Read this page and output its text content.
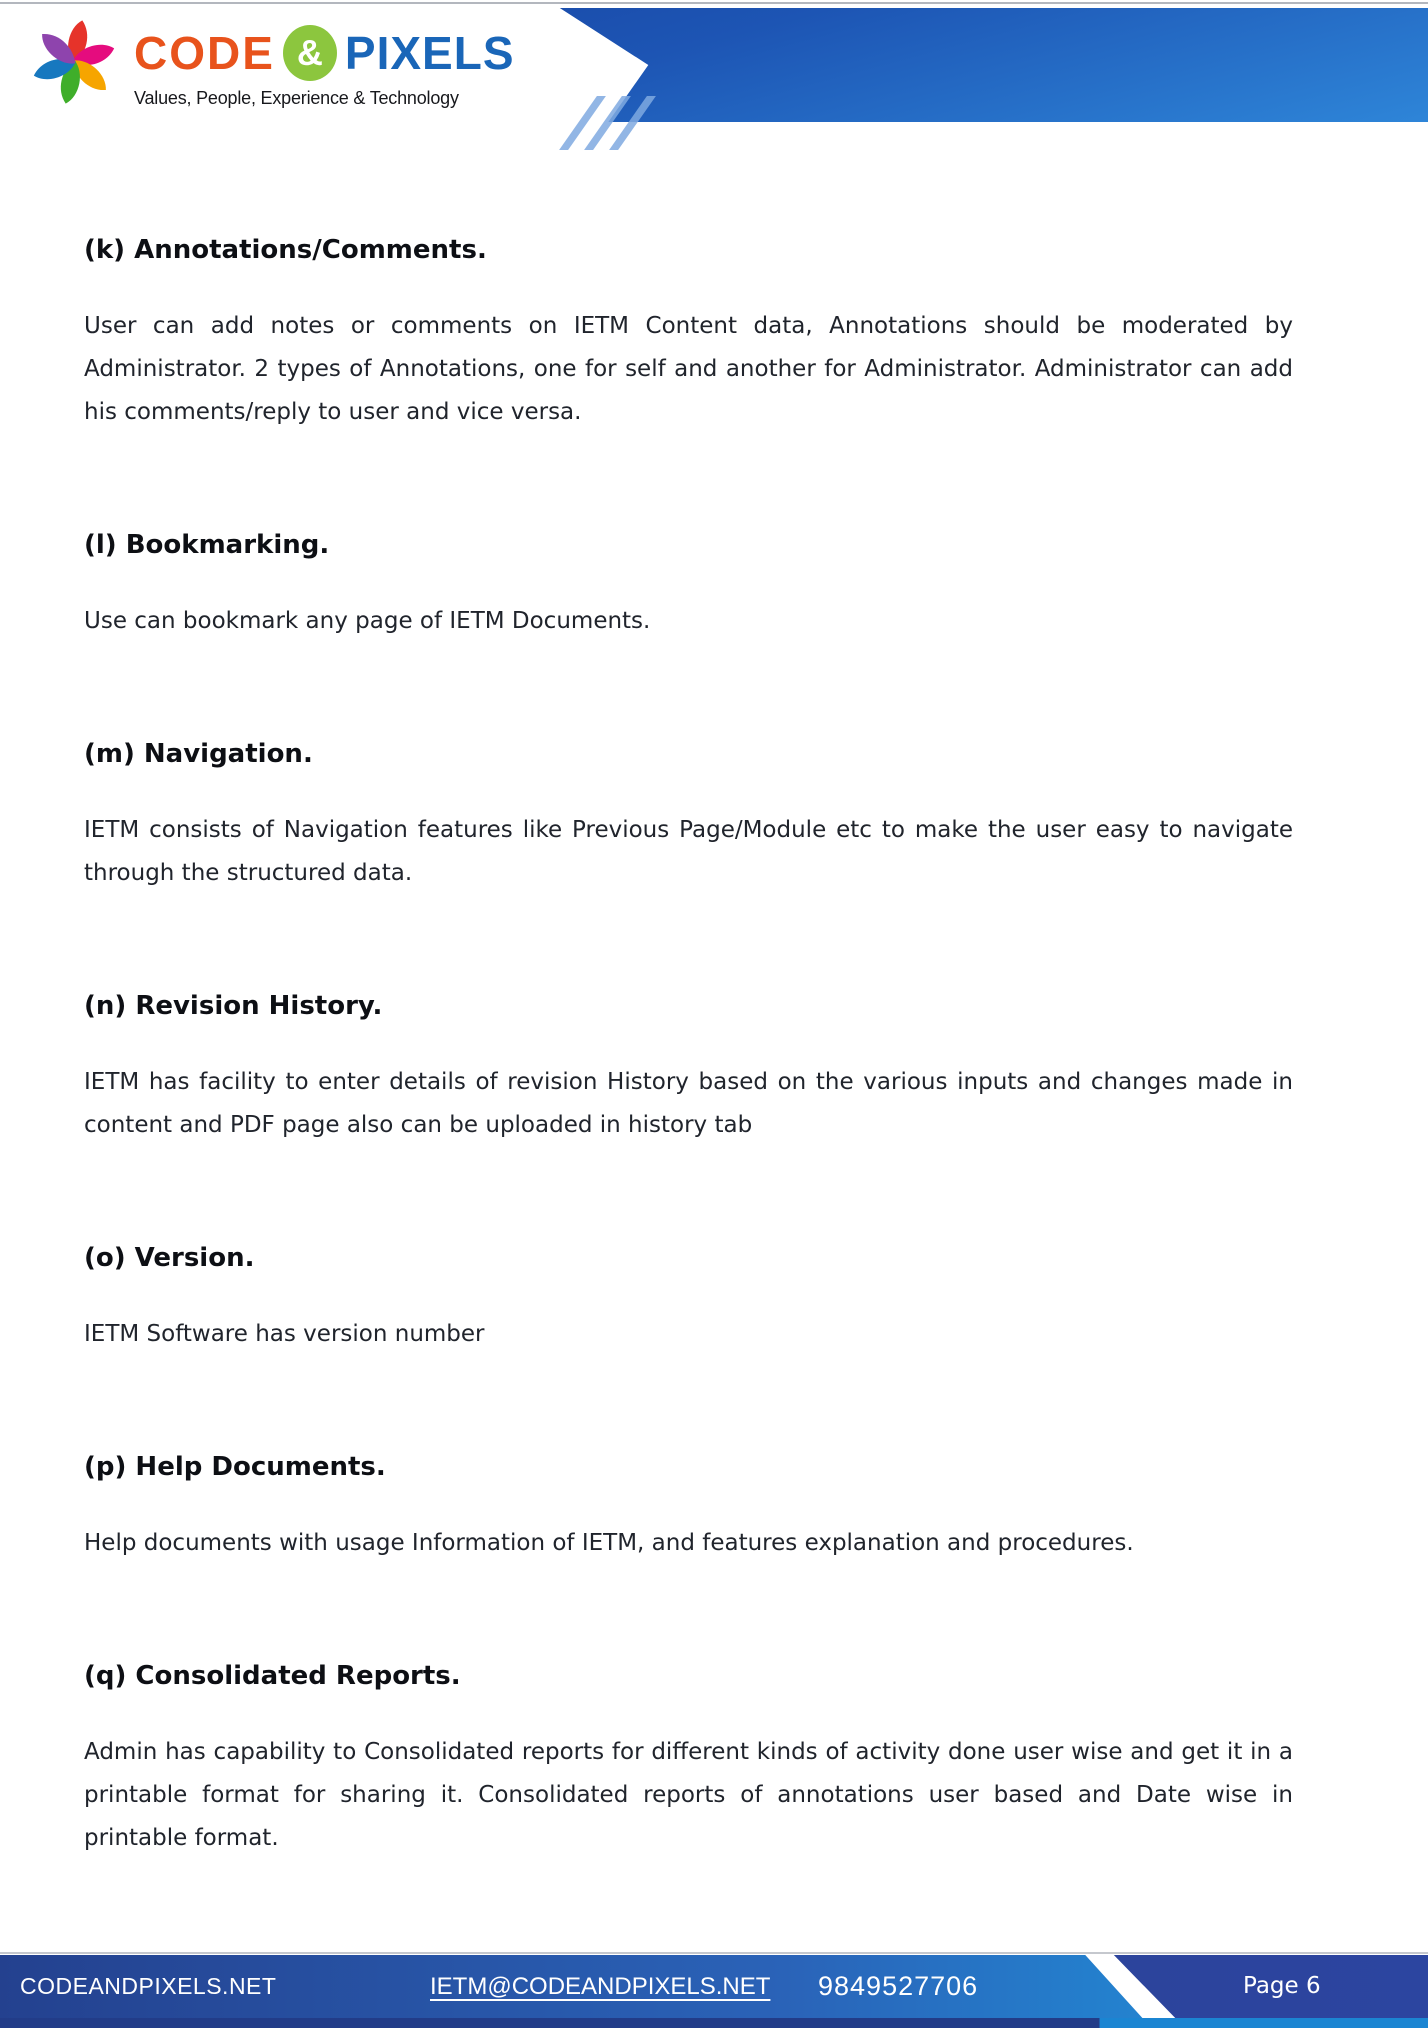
CODE & PIXELS
Values, People, Experience & Technology
(k) Annotations/Comments.

User can add notes or comments on IETM Content data, Annotations should be moderated by Administrator. 2 types of Annotations, one for self and another for Administrator. Administrator can add his comments/reply to user and vice versa.

(l) Bookmarking.

Use can bookmark any page of IETM Documents.

(m) Navigation.

IETM consists of Navigation features like Previous Page/Module etc to make the user easy to navigate through the structured data.

(n) Revision History.

IETM has facility to enter details of revision History based on the various inputs and changes made in content and PDF page also can be uploaded in history tab

(o) Version.

IETM Software has version number

(p) Help Documents.

Help documents with usage Information of IETM, and features explanation and procedures.

(q) Consolidated Reports.

Admin has capability to Consolidated reports for different kinds of activity done user wise and get it in a printable format for sharing it. Consolidated reports of annotations user based and Date wise in printable format.

CODEANDPIXELS.NET	IETM@CODEANDPIXELS.NET 9849527706	Page 6
